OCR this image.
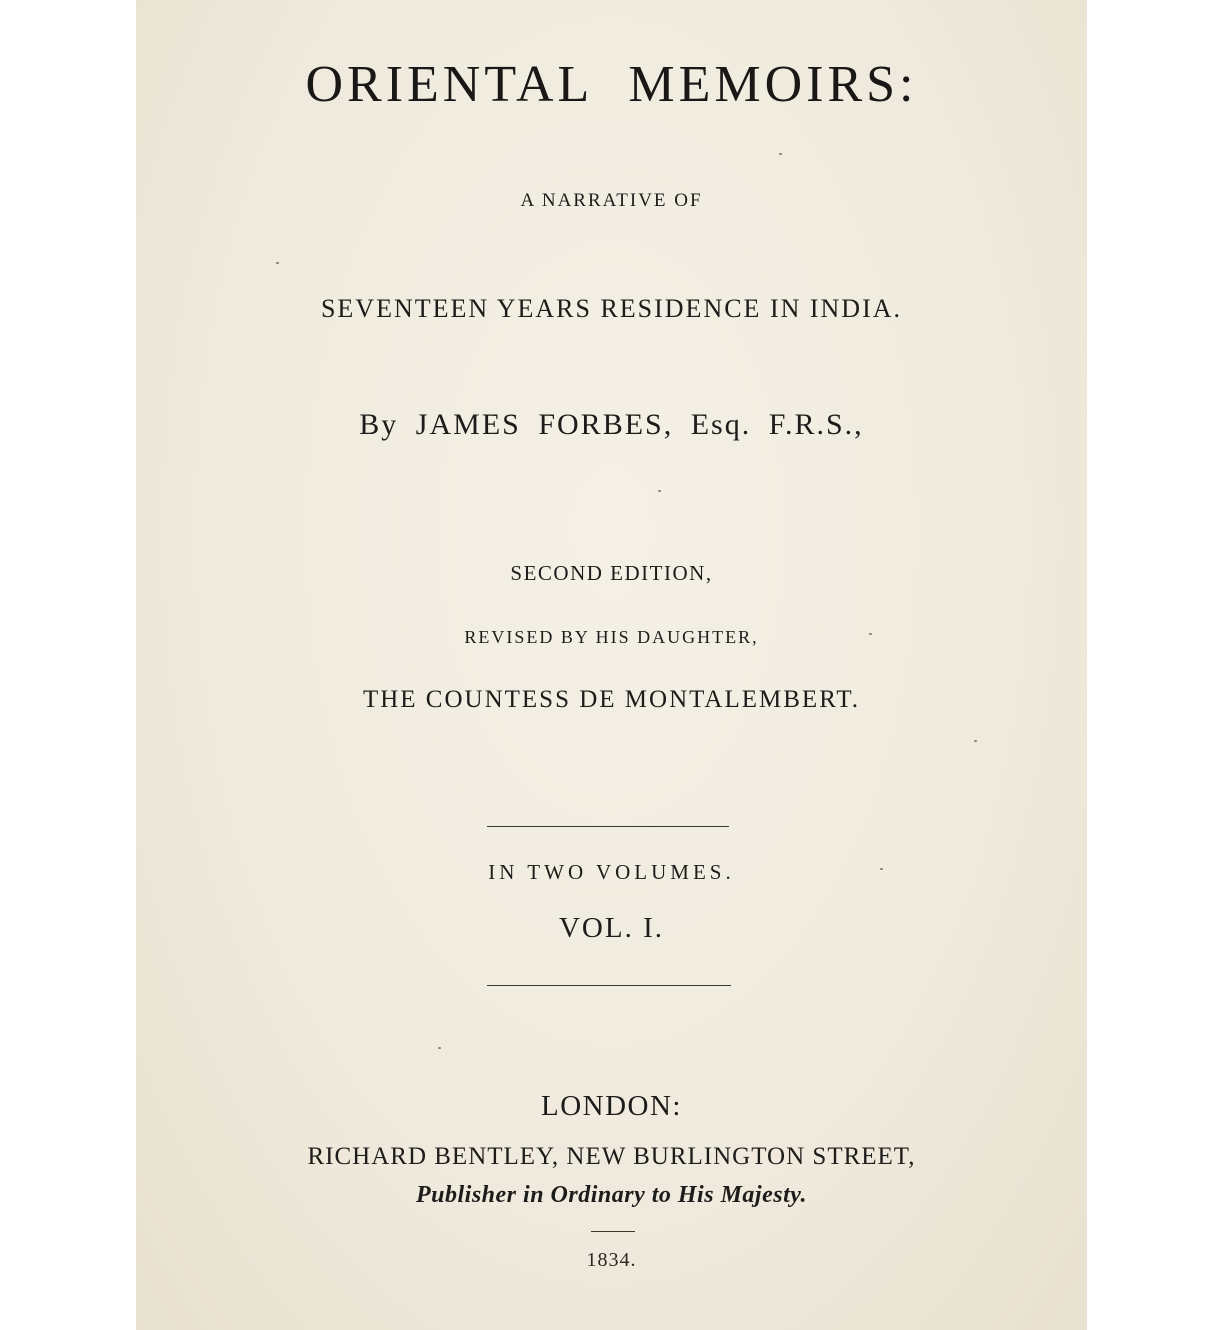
ORIENTAL MEMOIRS:
A NARRATIVE OF
SEVENTEEN YEARS RESIDENCE IN INDIA.
By JAMES FORBES, Esq. F.R.S.,
SECOND EDITION,
REVISED BY HIS DAUGHTER,
THE COUNTESS DE MONTALEMBERT.
IN TWO VOLUMES.
VOL. I.
LONDON:
RICHARD BENTLEY, NEW BURLINGTON STREET,
Publisher in Ordinary to His Majesty.
1834.
